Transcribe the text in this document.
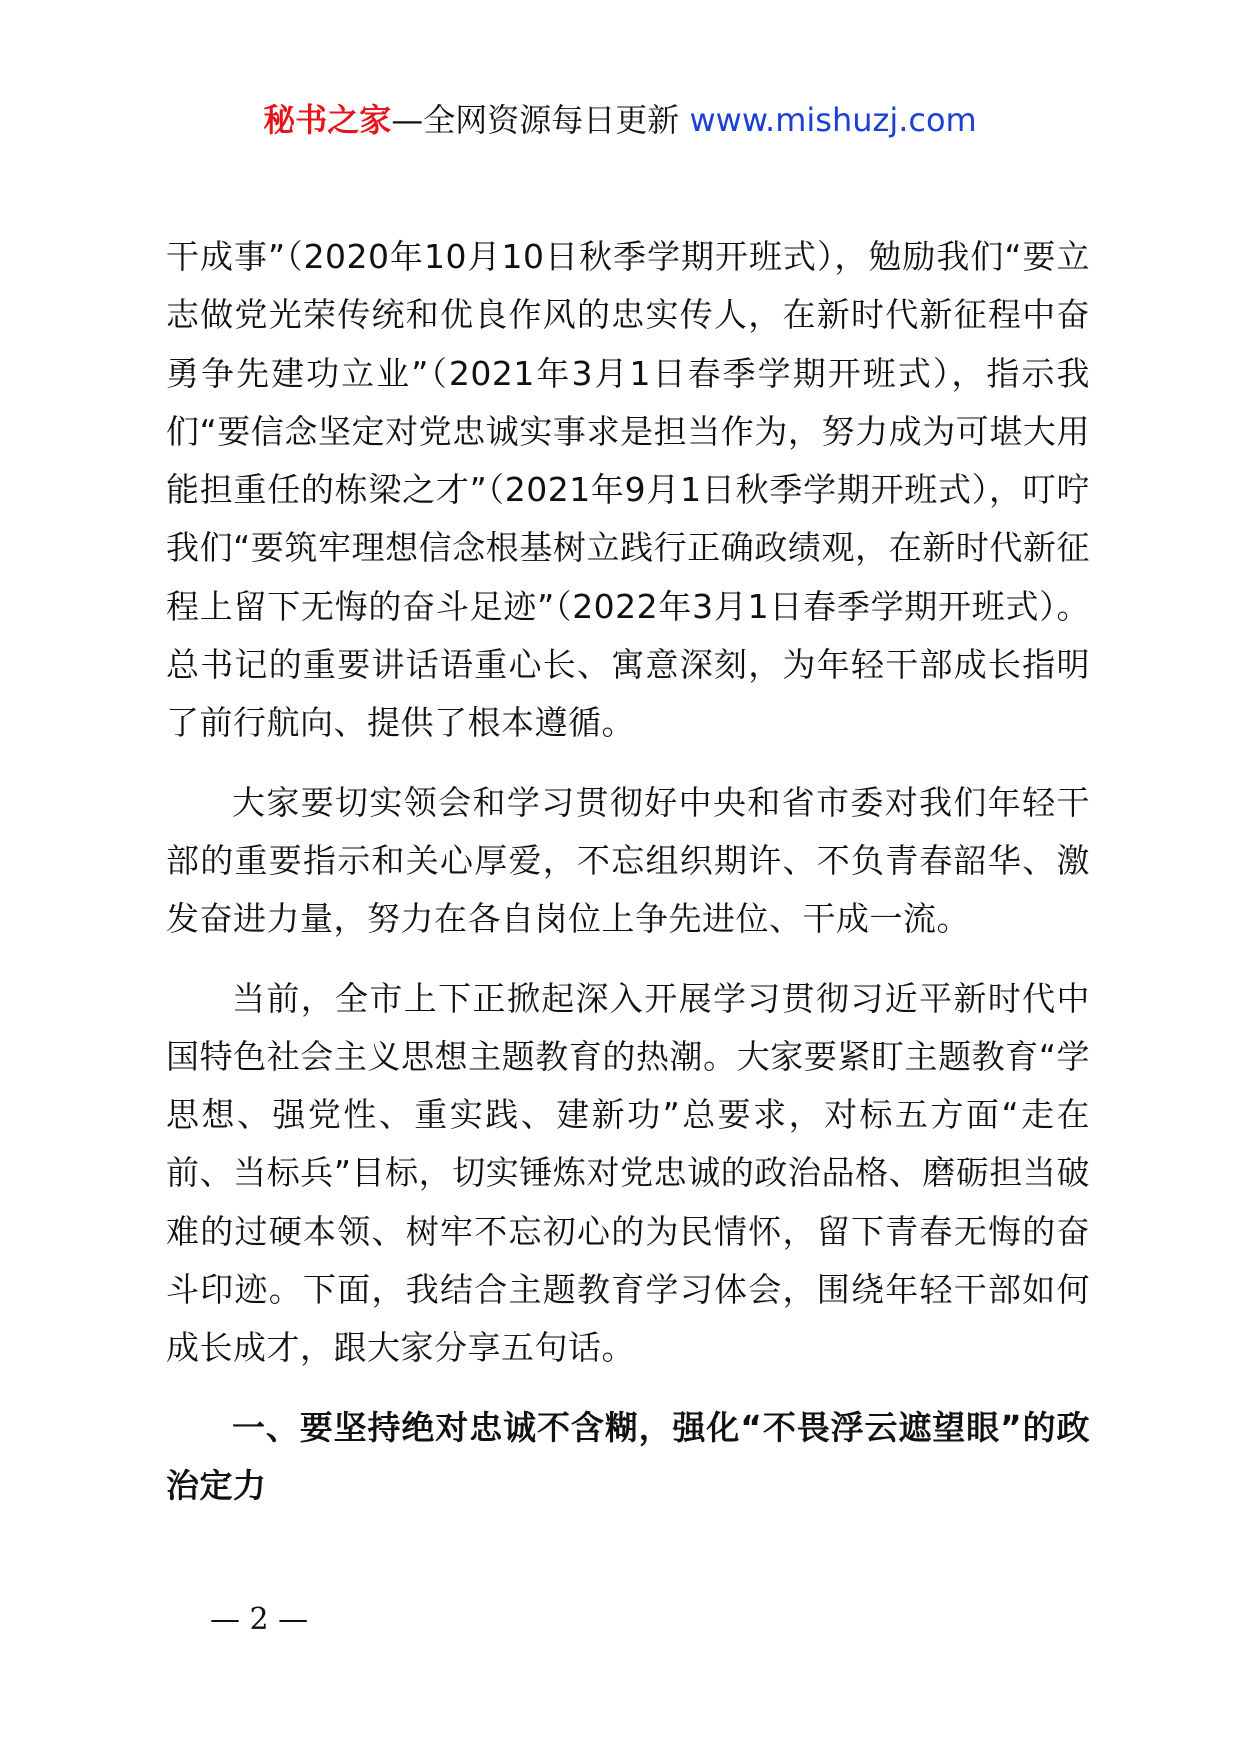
秘书之家—全网资源每日更新 www.mishuzj.com

干成事”（2020年10月10日秋季学期开班式），勉励我们“要立志做党光荣传统和优良作风的忠实传人，在新时代新征程中奋勇争先建功立业”（2021年3月1日春季学期开班式），指示我们“要信念坚定对党忠诚实事求是担当作为，努力成为可堪大用能担重任的栋梁之才”（2021年9月1日秋季学期开班式），叮咛我们“要筑牢理想信念根基树立践行正确政绩观，在新时代新征程上留下无悔的奋斗足迹”（2022年3月1日春季学期开班式）。总书记的重要讲话语重心长、寓意深刻，为年轻干部成长指明了前行航向、提供了根本遵循。

大家要切实领会和学习贯彻好中央和省市委对我们年轻干部的重要指示和关心厚爱，不忘组织期许、不负青春韶华、激发奋进力量，努力在各自岗位上争先进位、干成一流。

当前，全市上下正掀起深入开展学习贯彻习近平新时代中国特色社会主义思想主题教育的热潮。大家要紧盯主题教育“学思想、强党性、重实践、建新功”总要求，对标五方面“走在前、当标兵”目标，切实锤炼对党忠诚的政治品格、磨砺担当破难的过硬本领、树牢不忘初心的为民情怀，留下青春无悔的奋斗印迹。下面，我结合主题教育学习体会，围绕年轻干部如何成长成才，跟大家分享五句话。

一、要坚持绝对忠诚不含糊，强化“不畏浮云遮望眼”的政治定力

— 2 —
